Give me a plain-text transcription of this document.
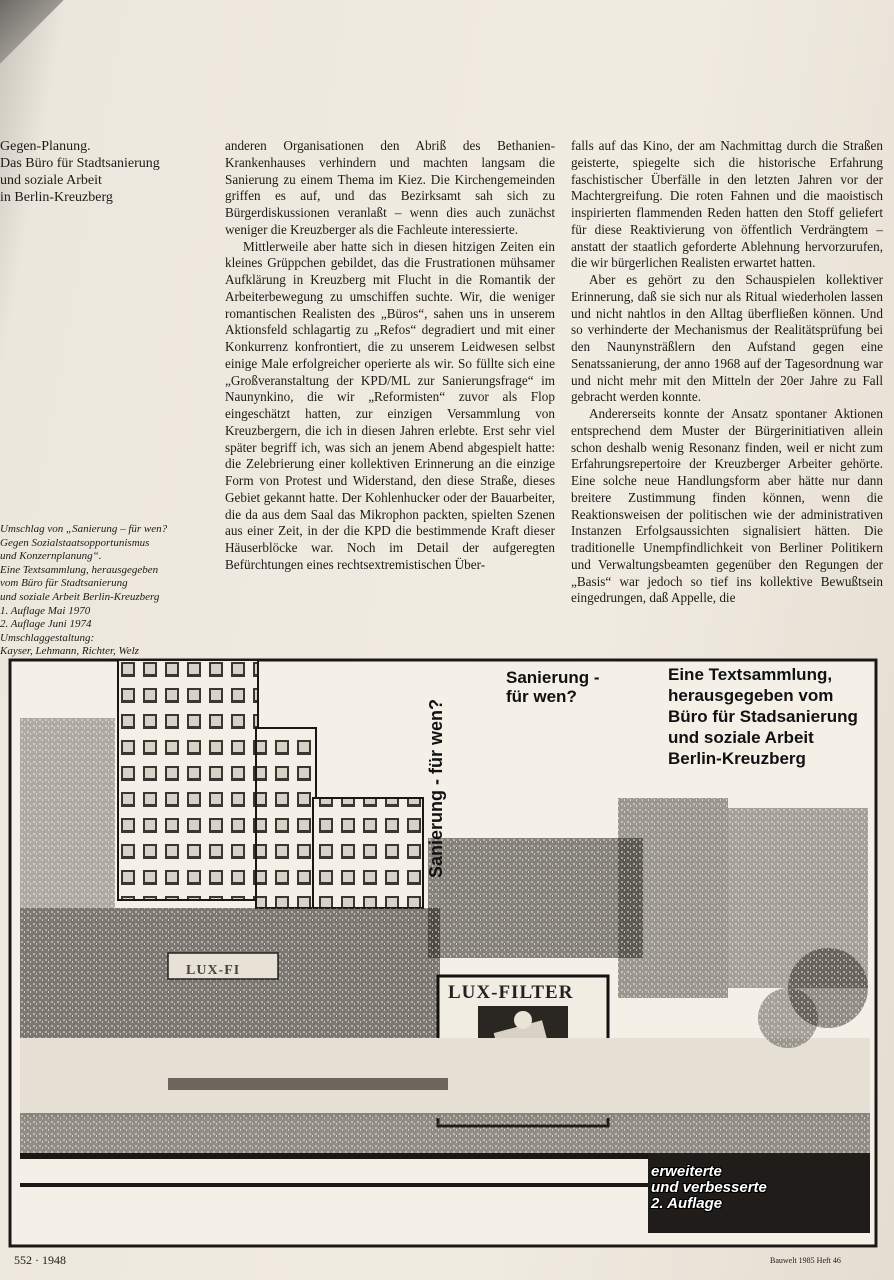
Gegen-Planung.
Das Büro für Stadtsanierung
und soziale Arbeit
in Berlin-Kreuzberg
Umschlag von „Sanierung – für wen?
Gegen Sozialstaatsopportunismus
und Konzernplanung“.
Eine Textsammlung, herausgegeben
vom Büro für Stadtsanierung
und soziale Arbeit Berlin-Kreuzberg
1. Auflage Mai 1970
2. Auflage Juni 1974
Umschlaggestaltung:
Kayser, Lehmann, Richter, Welz

anderen Organisationen den Abriß des Bethanien-Krankenhauses verhindern und machten langsam die Sanierung zu einem Thema im Kiez. Die Kirchengemeinden griffen es auf, und das Bezirksamt sah sich zu Bürgerdiskussionen veranlaßt – wenn dies auch zunächst weniger die Kreuzberger als die Fachleute interessierte.

Mittlerweile aber hatte sich in diesen hitzigen Zeiten ein kleines Grüppchen gebildet, das die Frustrationen mühsamer Aufklärung in Kreuzberg mit Flucht in die Romantik der Arbeiterbewegung zu umschiffen suchte. Wir, die weniger romantischen Realisten des „Büros“, sahen uns in unserem Aktionsfeld schlagartig zu „Refos“ degradiert und mit einer Konkurrenz konfrontiert, die zu unserem Leidwesen selbst einige Male erfolgreicher operierte als wir. So füllte sich eine „Großveranstaltung der KPD/ML zur Sanierungsfrage“ im Naunynkino, die wir „Reformisten“ zuvor als Flop eingeschätzt hatten, zur einzigen Versammlung von Kreuzbergern, die ich in diesen Jahren erlebte. Erst sehr viel später begriff ich, was sich an jenem Abend abgespielt hatte: die Zelebrierung einer kollektiven Erinnerung an die einzige Form von Protest und Widerstand, den diese Straße, dieses Gebiet gekannt hatte. Der Kohlenhucker oder der Bauarbeiter, die da aus dem Saal das Mikrophon packten, spielten Szenen aus einer Zeit, in der die KPD die bestimmende Kraft dieser Häuserblöcke war. Noch im Detail der aufgeregten Befürchtungen eines rechtsextremistischen Über-

falls auf das Kino, der am Nachmittag durch die Straßen geisterte, spiegelte sich die historische Erfahrung faschistischer Überfälle in den letzten Jahren vor der Machtergreifung. Die roten Fahnen und die maoistisch inspirierten flammenden Reden hatten den Stoff geliefert für diese Reaktivierung von öffentlich Verdrängtem – anstatt der staatlich geforderte Ablehnung hervorzurufen, die wir bürgerlichen Realisten erwartet hatten.

Aber es gehört zu den Schauspielen kollektiver Erinnerung, daß sie sich nur als Ritual wiederholen lassen und nicht nahtlos in den Alltag überfließen können. Und so verhinderte der Mechanismus der Realitätsprüfung bei den Naunynsträßlern den Aufstand gegen eine Senatssanierung, der anno 1968 auf der Tagesordnung war und nicht mehr mit den Mitteln der 20er Jahre zu Fall gebracht werden konnte.

Andererseits konnte der Ansatz spontaner Aktionen entsprechend dem Muster der Bürgerinitiativen allein schon deshalb wenig Resonanz finden, weil er nicht zum Erfahrungsrepertoire der Kreuzberger Arbeiter gehörte. Eine solche neue Handlungsform aber hätte nur dann breitere Zustimmung finden können, wenn die Reaktionsweisen der politischen wie der administrativen Instanzen Erfolgsaussichten signalisiert hätten. Die traditionelle Unempfindlichkeit von Berliner Politikern und Verwaltungsbeamten gegenüber den Regungen der „Basis“ war jedoch so tief ins kollektive Bewußtsein eingedrungen, daß Appelle, die

Sanierung -
für wen?
Eine Textsammlung,
herausgegeben vom
Büro für Stadsanierung
und soziale Arbeit
Berlin-Kreuzberg
Sanierung - für wen?
LUX-FILTER
LUX-FI
erweiterte
und verbesserte
2. Auflage
552 · 1948	Bauwelt 1985 Heft 46
